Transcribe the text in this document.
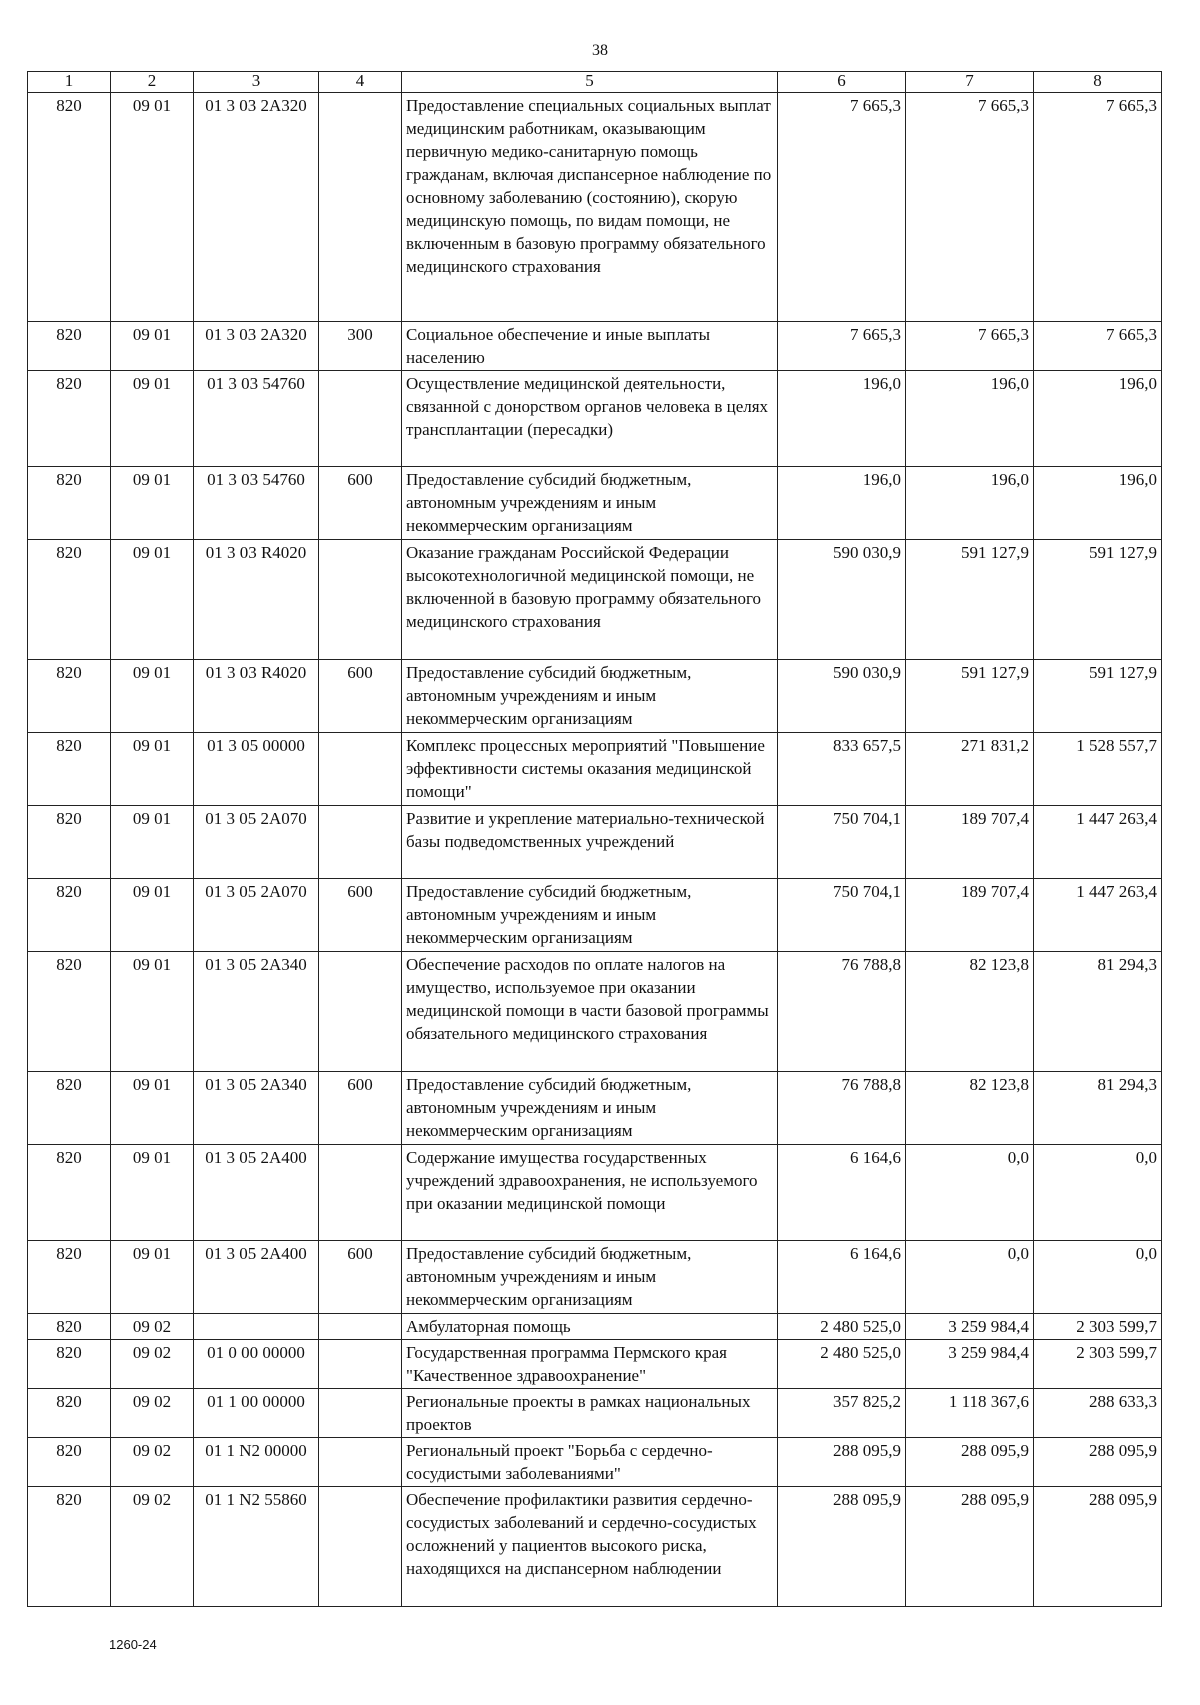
38
1	2	3	4	5	6	7	8
820	09 01	01 3 03 2A320		Предоставление специальных социальных выплат медицинским работникам, оказывающим первичную медико-санитарную помощь гражданам, включая диспансерное наблюдение по основному заболеванию (состоянию), скорую медицинскую помощь, по видам помощи, не включенным в базовую программу обязательного медицинского страхования	7 665,3	7 665,3	7 665,3
820	09 01	01 3 03 2A320	300	Социальное обеспечение и иные выплаты населению	7 665,3	7 665,3	7 665,3
820	09 01	01 3 03 54760		Осуществление медицинской деятельности, связанной с донорством органов человека в целях трансплантации (пересадки)	196,0	196,0	196,0
820	09 01	01 3 03 54760	600	Предоставление субсидий бюджетным, автономным учреждениям и иным некоммерческим организациям	196,0	196,0	196,0
820	09 01	01 3 03 R4020		Оказание гражданам Российской Федерации высокотехнологичной медицинской помощи, не включенной в базовую программу обязательного медицинского страхования	590 030,9	591 127,9	591 127,9
820	09 01	01 3 03 R4020	600	Предоставление субсидий бюджетным, автономным учреждениям и иным некоммерческим организациям	590 030,9	591 127,9	591 127,9
820	09 01	01 3 05 00000		Комплекс процессных мероприятий "Повышение эффективности системы оказания медицинской помощи"	833 657,5	271 831,2	1 528 557,7
820	09 01	01 3 05 2A070		Развитие и укрепление материально-технической базы подведомственных учреждений	750 704,1	189 707,4	1 447 263,4
820	09 01	01 3 05 2A070	600	Предоставление субсидий бюджетным, автономным учреждениям и иным некоммерческим организациям	750 704,1	189 707,4	1 447 263,4
820	09 01	01 3 05 2A340		Обеспечение расходов по оплате налогов на имущество, используемое при оказании медицинской помощи в части базовой программы обязательного медицинского страхования	76 788,8	82 123,8	81 294,3
820	09 01	01 3 05 2A340	600	Предоставление субсидий бюджетным, автономным учреждениям и иным некоммерческим организациям	76 788,8	82 123,8	81 294,3
820	09 01	01 3 05 2A400		Содержание имущества государственных учреждений здравоохранения, не используемого при оказании медицинской помощи	6 164,6	0,0	0,0
820	09 01	01 3 05 2A400	600	Предоставление субсидий бюджетным, автономным учреждениям и иным некоммерческим организациям	6 164,6	0,0	0,0
820	09 02			Амбулаторная помощь	2 480 525,0	3 259 984,4	2 303 599,7
820	09 02	01 0 00 00000		Государственная программа Пермского края "Качественное здравоохранение"	2 480 525,0	3 259 984,4	2 303 599,7
820	09 02	01 1 00 00000		Региональные проекты в рамках национальных проектов	357 825,2	1 118 367,6	288 633,3
820	09 02	01 1 N2 00000		Региональный проект "Борьба с сердечно-сосудистыми заболеваниями"	288 095,9	288 095,9	288 095,9
820	09 02	01 1 N2 55860		Обеспечение профилактики развития сердечно-сосудистых заболеваний и сердечно-сосудистых осложнений у пациентов высокого риска, находящихся на диспансерном наблюдении	288 095,9	288 095,9	288 095,9
1260-24
